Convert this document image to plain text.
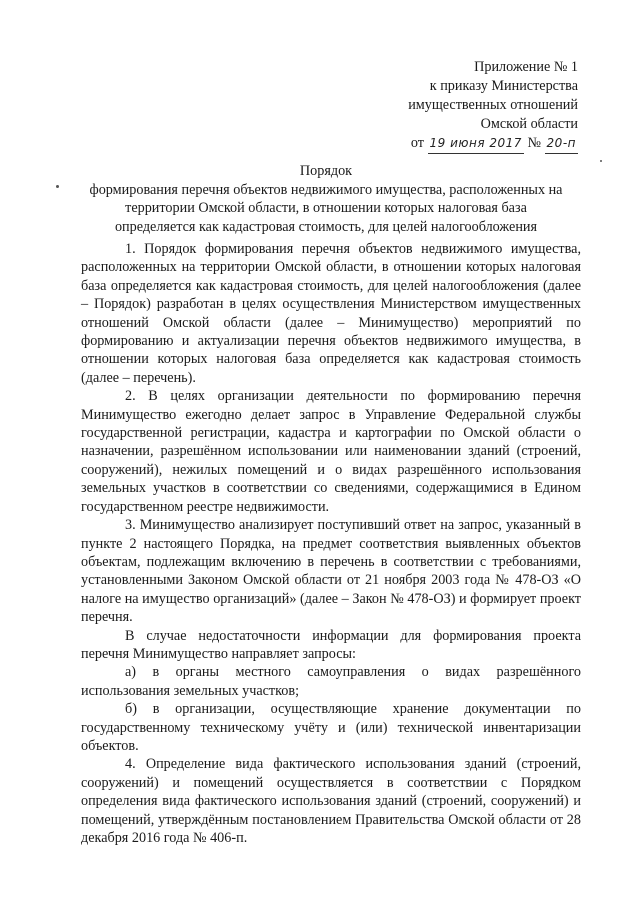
Приложение № 1
к приказу Министерства
имущественных отношений
Омской области
от 19 июня 2017 № 20-п
Порядок
формирования перечня объектов недвижимого имущества, расположенных на
территории Омской области, в отношении которых налоговая база
определяется как кадастровая стоимость, для целей налогообложения

1. Порядок формирования перечня объектов недвижимого имущества, расположенных на территории Омской области, в отношении которых налоговая база определяется как кадастровая стоимость, для целей налогообложения (далее – Порядок) разработан в целях осуществления Министерством имущественных отношений Омской области (далее – Минимущество) мероприятий по формированию и актуализации перечня объектов недвижимого имущества, в отношении которых налоговая база определяется как кадастровая стоимость (далее – перечень).

2. В целях организации деятельности по формированию перечня Минимущество ежегодно делает запрос в Управление Федеральной службы государственной регистрации, кадастра и картографии по Омской области о назначении, разрешённом использовании или наименовании зданий (строений, сооружений), нежилых помещений и о видах разрешённого использования земельных участков в соответствии со сведениями, содержащимися в Едином государственном реестре недвижимости.

3. Минимущество анализирует поступивший ответ на запрос, указанный в пункте 2 настоящего Порядка, на предмет соответствия выявленных объектов объектам, подлежащим включению в перечень в соответствии с требованиями, установленными Законом Омской области от 21 ноября 2003 года № 478-ОЗ «О налоге на имущество организаций» (далее – Закон № 478-ОЗ) и формирует проект перечня.

В случае недостаточности информации для формирования проекта перечня Минимущество направляет запросы:

а) в органы местного самоуправления о видах разрешённого использования земельных участков;

б) в организации, осуществляющие хранение документации по государственному техническому учёту и (или) технической инвентаризации объектов.

4. Определение вида фактического использования зданий (строений, сооружений) и помещений осуществляется в соответствии с Порядком определения вида фактического использования зданий (строений, сооружений) и помещений, утверждённым постановлением Правительства Омской области от 28 декабря 2016 года № 406-п.
